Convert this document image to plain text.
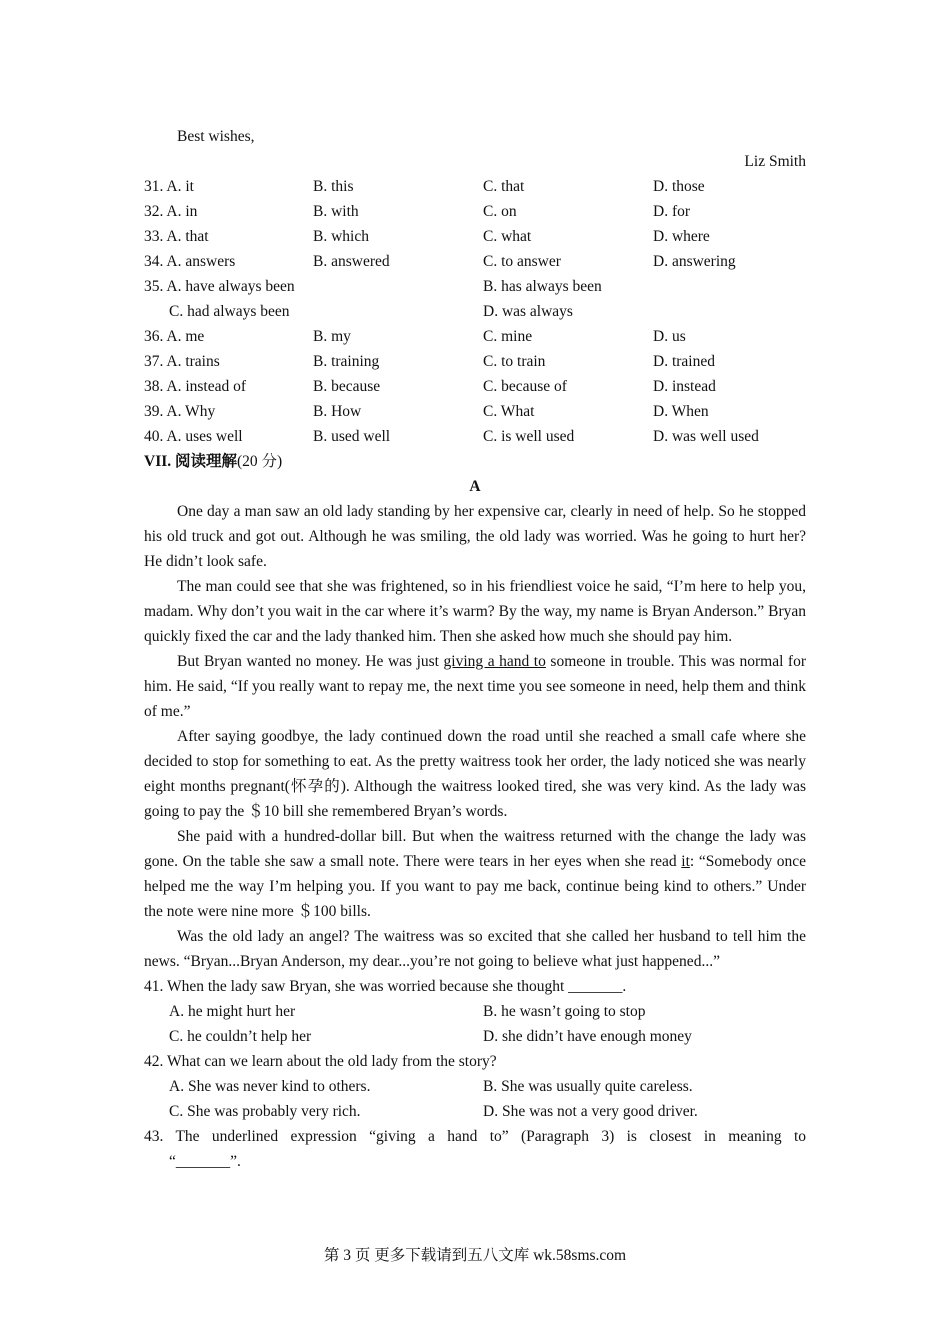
Best wishes,
Liz Smith
31. A. it	B. this	C. that	D. those
32. A. in	B. with	C. on	D. for
33. A. that	B. which	C. what	D. where
34. A. answers	B. answered	C. to answer	D. answering
35. A. have always been	B. has always been
C. had always been	D. was always
36. A. me	B. my	C. mine	D. us
37. A. trains	B. training	C. to train	D. trained
38. A. instead of	B. because	C. because of	D. instead
39. A. Why	B. How	C. What	D. When
40. A. uses well	B. used well	C. is well used	D. was well used
VII. 阅读理解(20 分)
A

One day a man saw an old lady standing by her expensive car, clearly in need of help. So he stopped his old truck and got out. Although he was smiling, the old lady was worried. Was he going to hurt her? He didn’t look safe.

The man could see that she was frightened, so in his friendliest voice he said, “I’m here to help you, madam. Why don’t you wait in the car where it’s warm? By the way, my name is Bryan Anderson.” Bryan quickly fixed the car and the lady thanked him. Then she asked how much she should pay him.

But Bryan wanted no money. He was just giving a hand to someone in trouble. This was normal for him. He said, “If you really want to repay me, the next time you see someone in need, help them and think of me.”

After saying goodbye, the lady continued down the road until she reached a small cafe where she decided to stop for something to eat. As the pretty waitress took her order, the lady noticed she was nearly eight months pregnant(怀孕的). Although the waitress looked tired, she was very kind. As the lady was going to pay the ＄10 bill she remembered Bryan’s words.

She paid with a hundred-dollar bill. But when the waitress returned with the change the lady was gone. On the table she saw a small note. There were tears in her eyes when she read it: “Somebody once helped me the way I’m helping you. If you want to pay me back, continue being kind to others.” Under the note were nine more ＄100 bills.

Was the old lady an angel? The waitress was so excited that she called her husband to tell him the news. “Bryan...Bryan Anderson, my dear...you’re not going to believe what just happened...”

41. When the lady saw Bryan, she was worried because she thought _______.
A. he might hurt her	B. he wasn’t going to stop
C. he couldn’t help her	D. she didn’t have enough money
42. What can we learn about the old lady from the story?
A. She was never kind to others.	B. She was usually quite careless.
C. She was probably very rich.	D. She was not a very good driver.
43. The underlined expression “giving a hand to” (Paragraph 3) is closest in meaning to
“_______”.
第 3 页 更多下载请到五八文库 wk.58sms.com
